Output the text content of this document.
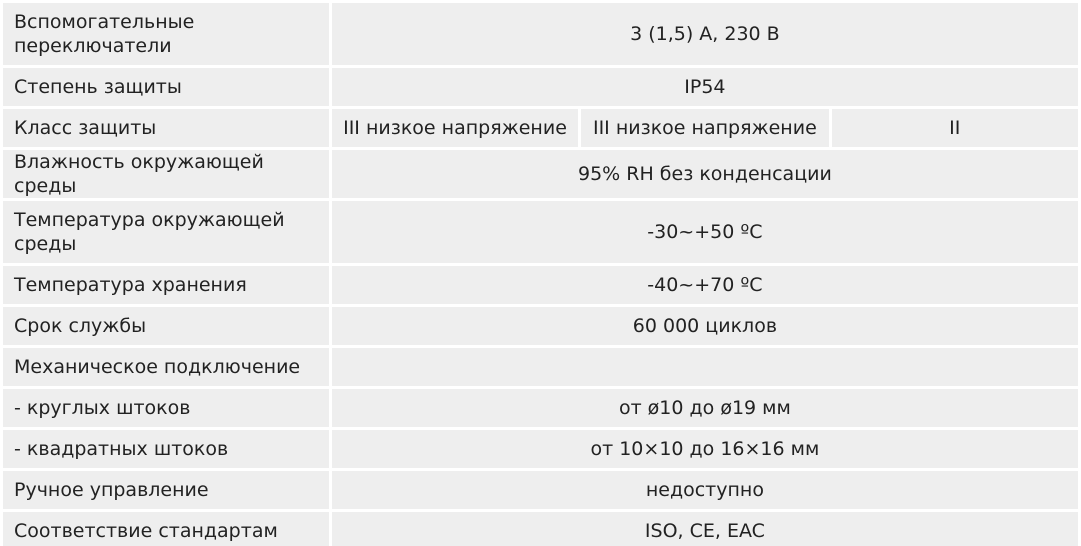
Вспомогательные переключатели	3 (1,5) A, 230 B		
Степень защиты	IP54		
Класс защиты	III низкое напряжение	III низкое напряжение	II
Влажность окружающей среды	95% RH без конденсации		
Температура окружающей среды	-30~+50 ºC		
Температура хранения	-40~+70 ºC		
Срок службы	60 000 циклов		
Механическое подключение			
- круглых штоков	от ø10 до ø19 мм		
- квадратных штоков	от 10×10 до 16×16 мм		
Ручное управление	недоступно		
Соответствие стандартам	ISO, CE, EAC		
